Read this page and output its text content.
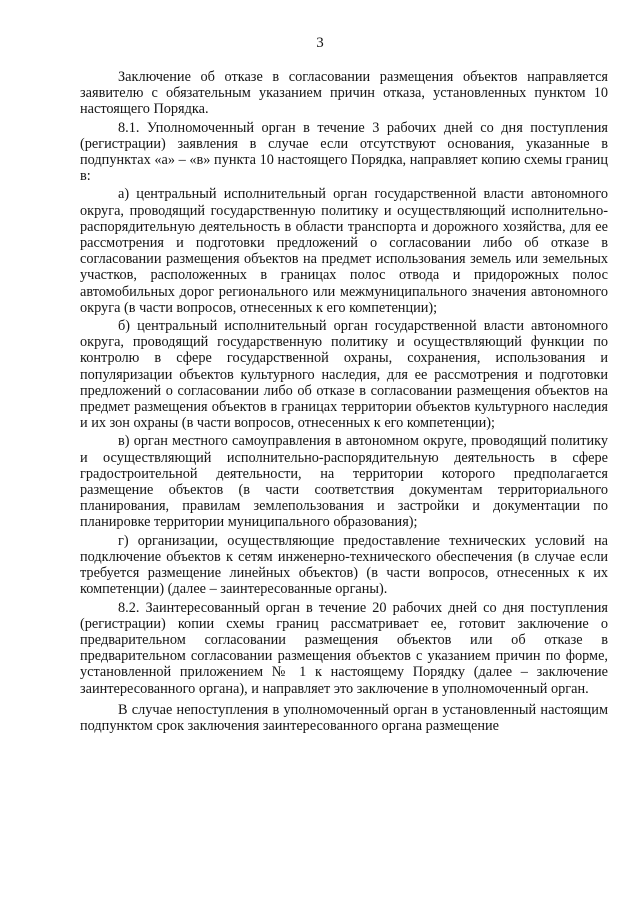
3

Заключение об отказе в согласовании размещения объектов направляется заявителю с обязательным указанием причин отказа, установленных пунктом 10 настоящего Порядка.

8.1. Уполномоченный орган в течение 3 рабочих дней со дня поступления (регистрации) заявления в случае если отсутствуют основания, указанные в подпунктах «а» – «в» пункта 10 настоящего Порядка, направляет копию схемы границ в:

а) центральный исполнительный орган государственной власти автономного округа, проводящий государственную политику и осуществляющий исполнительно-распорядительную деятельность в области транспорта и дорожного хозяйства, для ее рассмотрения и подготовки предложений о согласовании либо об отказе в согласовании размещения объектов на предмет использования земель или земельных участков, расположенных в границах полос отвода и придорожных полос автомобильных дорог регионального или межмуниципального значения автономного округа (в части вопросов, отнесенных к его компетенции);

б) центральный исполнительный орган государственной власти автономного округа, проводящий государственную политику и осуществляющий функции по контролю в сфере государственной охраны, сохранения, использования и популяризации объектов культурного наследия, для ее рассмотрения и подготовки предложений о согласовании либо об отказе в согласовании размещения объектов на предмет размещения объектов в границах территории объектов культурного наследия и их зон охраны (в части вопросов, отнесенных к его компетенции);

в) орган местного самоуправления в автономном округе, проводящий политику и осуществляющий исполнительно-распорядительную деятельность в сфере градостроительной деятельности, на территории которого предполагается размещение объектов (в части соответствия документам территориального планирования, правилам землепользования и застройки и документации по планировке территории муниципального образования);

г) организации, осуществляющие предоставление технических условий на подключение объектов к сетям инженерно-технического обеспечения (в случае если требуется размещение линейных объектов) (в части вопросов, отнесенных к их компетенции) (далее – заинтересованные органы).

8.2. Заинтересованный орган в течение 20 рабочих дней со дня поступления (регистрации) копии схемы границ рассматривает ее, готовит заключение о предварительном согласовании размещения объектов или об отказе в предварительном согласовании размещения объектов с указанием причин по форме, установленной приложением № 1 к настоящему Порядку (далее – заключение заинтересованного органа), и направляет это заключение в уполномоченный орган.

В случае непоступления в уполномоченный орган в установленный настоящим подпунктом срок заключения заинтересованного органа размещение
